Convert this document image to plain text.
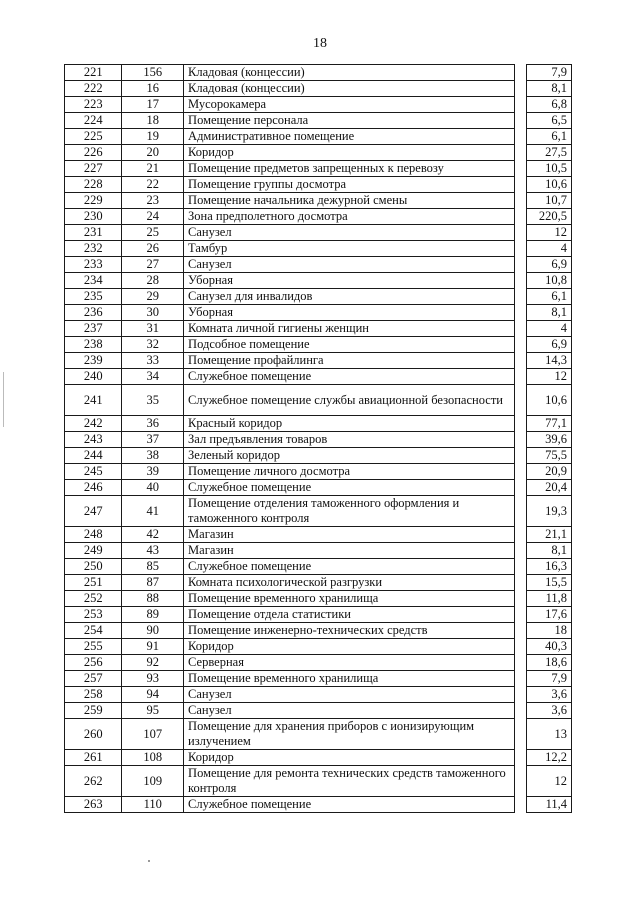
18
221	156	Кладовая (концессии)		7,9
222	16	Кладовая (концессии)		8,1
223	17	Мусорокамера		6,8
224	18	Помещение персонала		6,5
225	19	Административное помещение		6,1
226	20	Коридор		27,5
227	21	Помещение предметов запрещенных к перевозу		10,5
228	22	Помещение группы досмотра		10,6
229	23	Помещение начальника дежурной смены		10,7
230	24	Зона предполетного досмотра		220,5
231	25	Санузел		12
232	26	Тамбур		4
233	27	Санузел		6,9
234	28	Уборная		10,8
235	29	Санузел для инвалидов		6,1
236	30	Уборная		8,1
237	31	Комната личной гигиены женщин		4
238	32	Подсобное помещение		6,9
239	33	Помещение профайлинга		14,3
240	34	Служебное помещение		12
241	35	Служебное помещение службы авиационной безопасности		10,6
242	36	Красный коридор		77,1
243	37	Зал предъявления товаров		39,6
244	38	Зеленый коридор		75,5
245	39	Помещение личного досмотра		20,9
246	40	Служебное помещение		20,4
247	41	Помещение отделения таможенного оформления и таможенного контроля		19,3
248	42	Магазин		21,1
249	43	Магазин		8,1
250	85	Служебное помещение		16,3
251	87	Комната психологической разгрузки		15,5
252	88	Помещение временного хранилища		11,8
253	89	Помещение отдела статистики		17,6
254	90	Помещение инженерно-технических средств		18
255	91	Коридор		40,3
256	92	Серверная		18,6
257	93	Помещение временного хранилища		7,9
258	94	Санузел		3,6
259	95	Санузел		3,6
260	107	Помещение для хранения приборов с ионизирующим излучением		13
261	108	Коридор		12,2
262	109	Помещение для ремонта технических средств таможенного контроля		12
263	110	Служебное помещение		11,4
